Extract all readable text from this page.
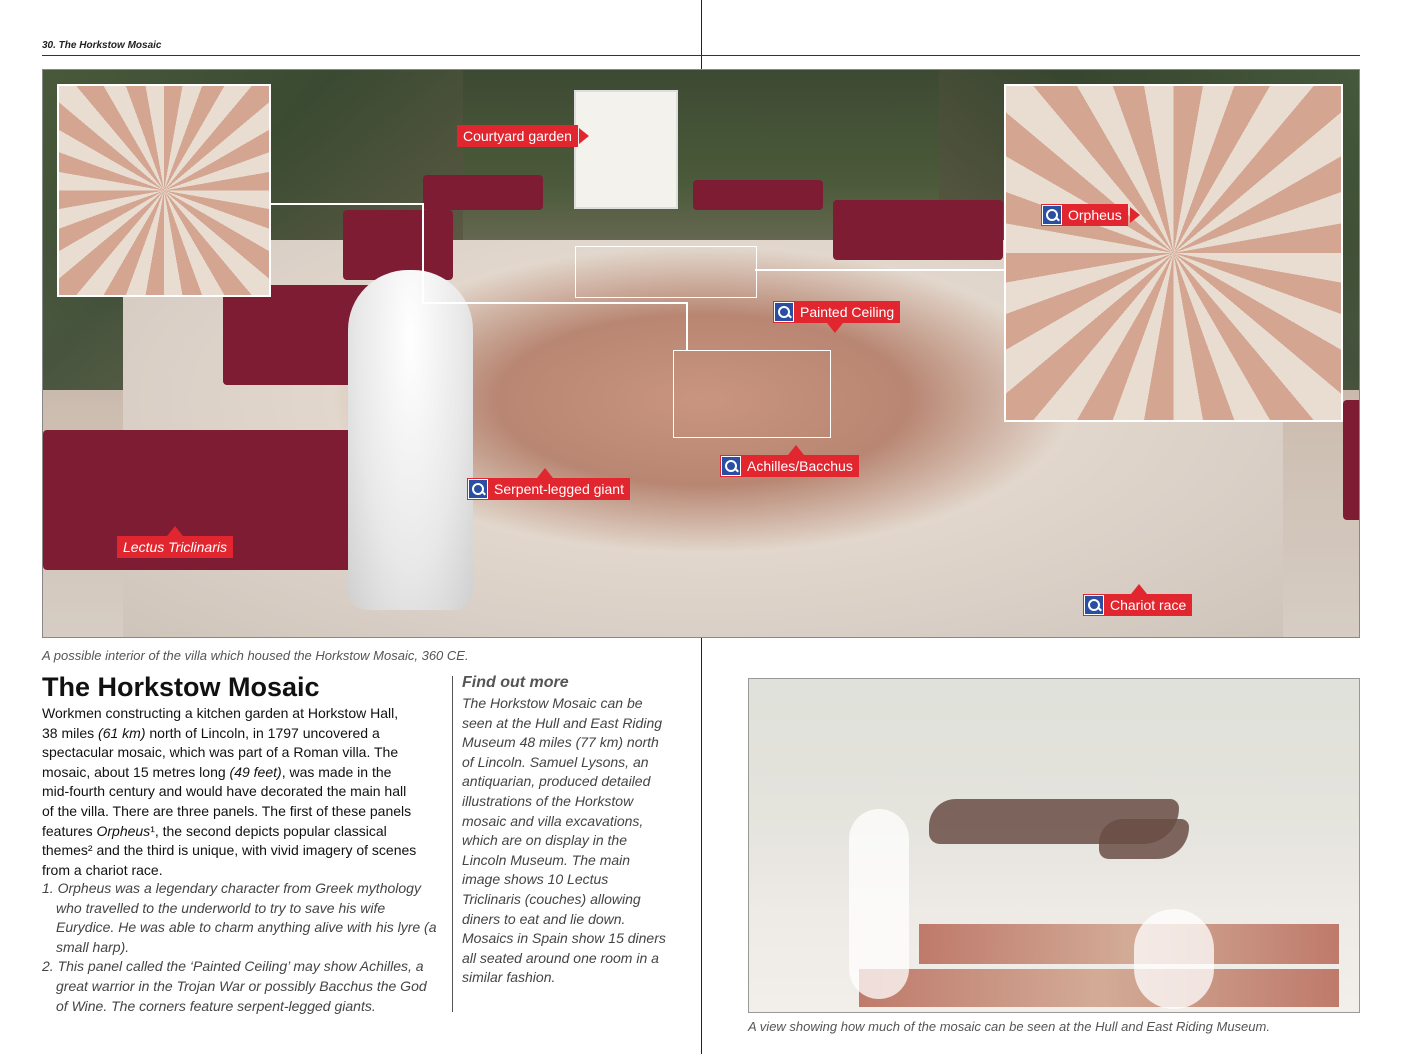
30. The Horkstow Mosaic
Courtyard garden
Orpheus
Painted Ceiling
Achilles/Bacchus
Serpent-legged giant
Lectus Triclinaris
Chariot race
A possible interior of the villa which housed the Horkstow Mosaic, 360 CE.
The Horkstow Mosaic
Workmen constructing a kitchen garden at Horkstow Hall,
38 miles (61 km) north of Lincoln, in 1797 uncovered a
spectacular mosaic, which was part of a Roman villa. The
mosaic, about 15 metres long (49 feet), was made in the
mid-fourth century and would have decorated the main hall
of the villa. There are three panels. The first of these panels
features Orpheus¹, the second depicts popular classical
themes² and the third is unique, with vivid imagery of scenes
from a chariot race.
1. Orpheus was a legendary character from Greek mythology who travelled to the underworld to try to save his wife Eurydice. He was able to charm anything alive with his lyre (a small harp).
2. This panel called the ‘Painted Ceiling’ may show Achilles, a great warrior in the Trojan War or possibly Bacchus the God of Wine. The corners feature serpent-legged giants.
Find out more
The Horkstow Mosaic can be seen at the Hull and East Riding Museum 48 miles (77 km) north of Lincoln. Samuel Lysons, an antiquarian, produced detailed illustrations of the Horkstow mosaic and villa excavations, which are on display in the Lincoln Museum. The main image shows 10 Lectus Triclinaris (couches) allowing diners to eat and lie down. Mosaics in Spain show 15 diners all seated around one room in a similar fashion.
A view showing how much of the mosaic can be seen at the Hull and East Riding Museum.
